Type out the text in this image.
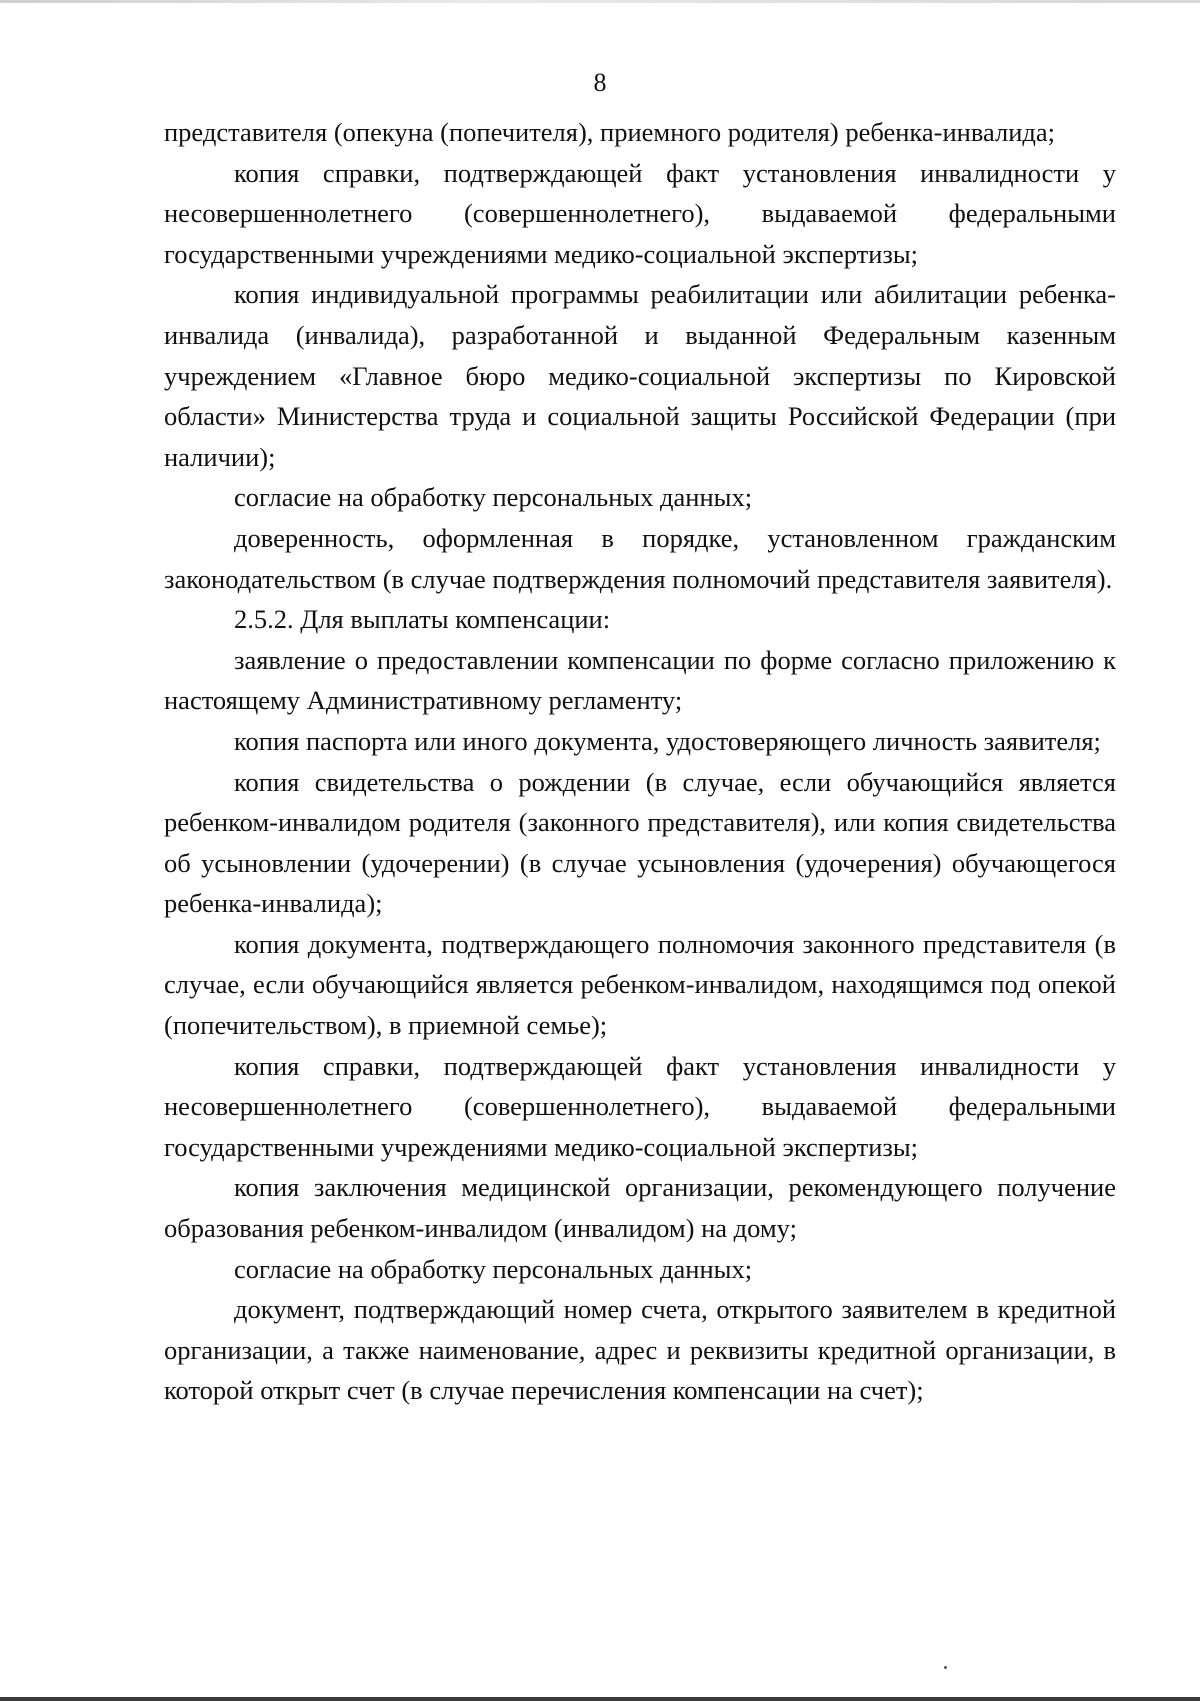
8

представителя (опекуна (попечителя), приемного родителя) ребенка-инвалида;

копия справки, подтверждающей факт установления инвалидности у несовершеннолетнего (совершеннолетнего), выдаваемой федеральными государственными учреждениями медико-социальной экспертизы;

копия индивидуальной программы реабилитации или абилитации ребенка-инвалида (инвалида), разработанной и выданной Федеральным казенным учреждением «Главное бюро медико-социальной экспертизы по Кировской области» Министерства труда и социальной защиты Российской Федерации (при наличии);

согласие на обработку персональных данных;

доверенность, оформленная в порядке, установленном гражданским законодательством (в случае подтверждения полномочий представителя заявителя).

2.5.2. Для выплаты компенсации:

заявление о предоставлении компенсации по форме согласно приложению к настоящему Административному регламенту;

копия паспорта или иного документа, удостоверяющего личность заявителя;

копия свидетельства о рождении (в случае, если обучающийся является ребенком-инвалидом родителя (законного представителя), или копия свидетельства об усыновлении (удочерении) (в случае усыновления (удочерения) обучающегося ребенка-инвалида);

копия документа, подтверждающего полномочия законного представителя (в случае, если обучающийся является ребенком-инвалидом, находящимся под опекой (попечительством), в приемной семье);

копия справки, подтверждающей факт установления инвалидности у несовершеннолетнего (совершеннолетнего), выдаваемой федеральными государственными учреждениями медико-социальной экспертизы;

копия заключения медицинской организации, рекомендующего получение образования ребенком-инвалидом (инвалидом) на дому;

согласие на обработку персональных данных;

документ, подтверждающий номер счета, открытого заявителем в кредитной организации, а также наименование, адрес и реквизиты кредитной организации, в которой открыт счет (в случае перечисления компенсации на счет);
